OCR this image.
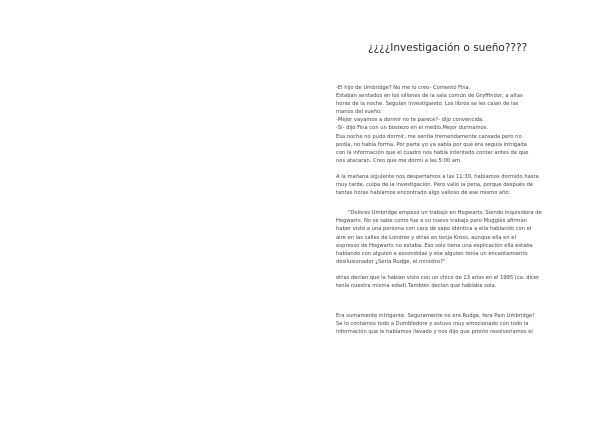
¿¿¿¿Investigación o sueño????

-El hijo de Umbridge? No me lo creo- Comentó Fina.

Estaban sentados en los sillones de la sala común de Gryffindor, a altas

horas de la noche. Seguían investigando. Los libros se les caían de las

manos del sueño.

-Mejor vayamos a dormir no te parece?- dijo convencida.

-Sí- dijo Fina con un bostezo en el medio.Mejor durmamos.

Esa noche no pudo dormir, me sentía tremendamente cansada pero no

podía, no había forma. Por parte yo ya sabía por qué era seguía intrigada

con la información que el cuadro nos había intentado contar antes de que

nos atacaran. Creo que me dormí a las 5:00 am.

A la mañana siguiente nos despertamos a las 11:30, habíamos dormido hasta

muy tarde, culpa de la investigación. Pero valió la pena, porque después de

tantas horas habíamos encontrado algo valioso de ese mismo año:

"Dolores Umbridge empezó un trabajo en Hogwarts. Siendo inquisidora de

Hogwarts. No se sabe como fue a su nuevo trabajo pero Muggles afirman

haber visto a una persona con cara de sapo idéntica a ella hablando con el

aire en las calles de Londres y otras en tonja Kross, aunque ella en el

expresso de Hogwarts no estaba. Eso solo tiene una explicación ella estaba

hablando con alguien a escondidas y ese alguien tenía un encantamiento

desilusionador ¿Sería Rudge, el ministro?"

otras decían que la habían visto con un chico de 13 años en el 1995 (ca. dicer

tenía nuestra misma edad).También decían que hablaba sola.

Era sumamente intrigante. Seguramente no era Rudge, fera Pain Umbridge!

Se lo contamos todo a Dumbledore y estuvo muy emocionado con todo la

información que le habíamos llevado y nos dijo que pronto resolveríamos el
